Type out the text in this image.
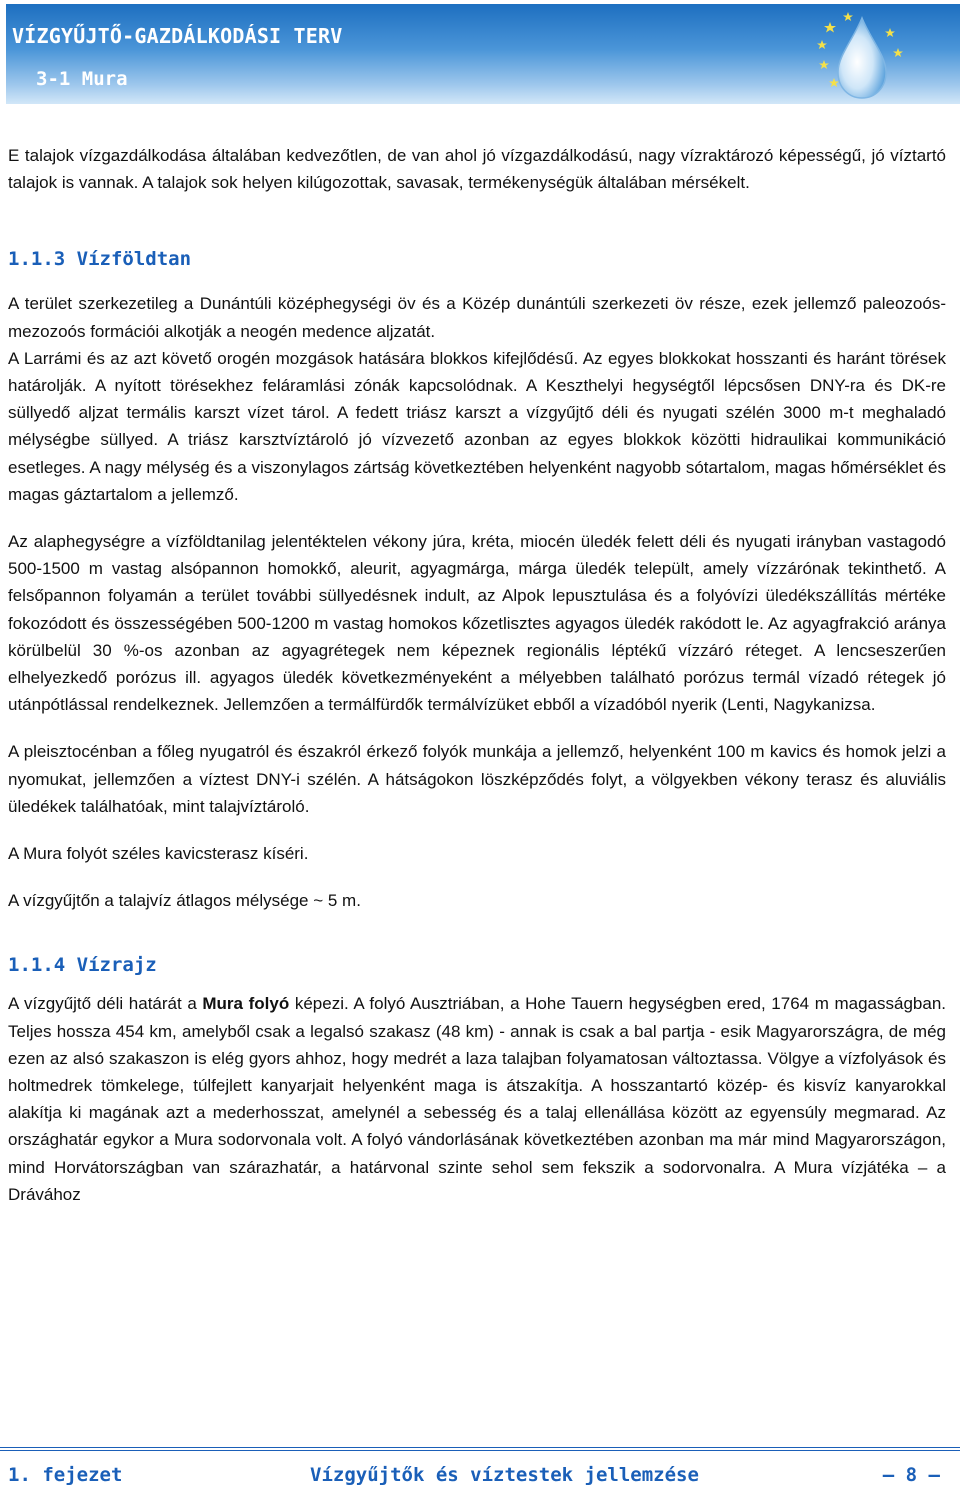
VÍZGYŰJTŐ-GAZDÁLKODÁSI TERV
3-1 Mura

E talajok vízgazdálkodása általában kedvezőtlen, de van ahol jó vízgazdálkodású, nagy vízraktározó képességű, jó víztartó talajok is vannak. A talajok sok helyen kilúgozottak, savasak, termékenységük általában mérsékelt.

1.1.3 Vízföldtan

A terület szerkezetileg a Dunántúli középhegységi öv és a Közép dunántúli szerkezeti öv része, ezek jellemző paleozoós-mezozoós formációi alkotják a neogén medence aljzatát.

A Larrámi és az azt követő orogén mozgások hatására blokkos kifejlődésű. Az egyes blokkokat hosszanti és haránt törések határolják. A nyított törésekhez feláramlási zónák kapcsolódnak. A Keszthelyi hegységtől lépcsősen DNY-ra és DK-re süllyedő aljzat termális karszt vízet tárol. A fedett triász karszt a vízgyűjtő déli és nyugati szélén 3000 m-t meghaladó mélységbe süllyed. A triász karsztvíztároló jó vízvezető azonban az egyes blokkok közötti hidraulikai kommunikáció esetleges. A nagy mélység és a viszonylagos zártság következtében helyenként nagyobb sótartalom, magas hőmérséklet és magas gáztartalom a jellemző.

Az alaphegységre a vízföldtanilag jelentéktelen vékony júra, kréta, miocén üledék felett déli és nyugati irányban vastagodó 500-1500 m vastag alsópannon homokkő, aleurit, agyagmárga, márga üledék települt, amely vízzárónak tekinthető. A felsőpannon folyamán a terület további süllyedésnek indult, az Alpok lepusztulása és a folyóvízi üledékszállítás mértéke fokozódott és összességében 500-1200 m vastag homokos kőzetlisztes agyagos üledék rakódott le. Az agyagfrakció aránya körülbelül 30 %-os azonban az agyagrétegek nem képeznek regionális léptékű vízzáró réteget. A lencseszerűen elhelyezkedő porózus ill. agyagos üledék következményeként a mélyebben található porózus termál vízadó rétegek jó utánpótlással rendelkeznek. Jellemzően a termálfürdők termálvízüket ebből a vízadóból nyerik (Lenti, Nagykanizsa.

A pleisztocénban a főleg nyugatról és északról érkező folyók munkája a jellemző, helyenként 100 m kavics és homok jelzi a nyomukat, jellemzően a víztest DNY-i szélén. A hátságokon löszképződés folyt, a völgyekben vékony terasz és aluviális üledékek találhatóak, mint talajvíztároló.

A Mura folyót széles kavicsterasz kíséri.

A vízgyűjtőn a talajvíz átlagos mélysége ~ 5 m.

1.1.4 Vízrajz

A vízgyűjtő déli határát a Mura folyó képezi. A folyó Ausztriában, a Hohe Tauern hegységben ered, 1764 m magasságban. Teljes hossza 454 km, amelyből csak a legalsó szakasz (48 km) - annak is csak a bal partja - esik Magyarországra, de még ezen az alsó szakaszon is elég gyors ahhoz, hogy medrét a laza talajban folyamatosan változtassa. Völgye a vízfolyások és holtmedrek tömkelege, túlfejlett kanyarjait helyenként maga is átszakítja. A hosszantartó közép- és kisvíz kanyarokkal alakítja ki magának azt a mederhosszat, amelynél a sebesség és a talaj ellenállása között az egyensúly megmarad. Az országhatár egykor a Mura sodorvonala volt. A folyó vándorlásának következtében azonban ma már mind Magyarországon, mind Horvátországban van szárazhatár, a határvonal szinte sehol sem fekszik a sodorvonalra. A Mura vízjátéka – a Drávához

1. fejezet	Vízgyűjtők és víztestek jellemzése	– 8 –
